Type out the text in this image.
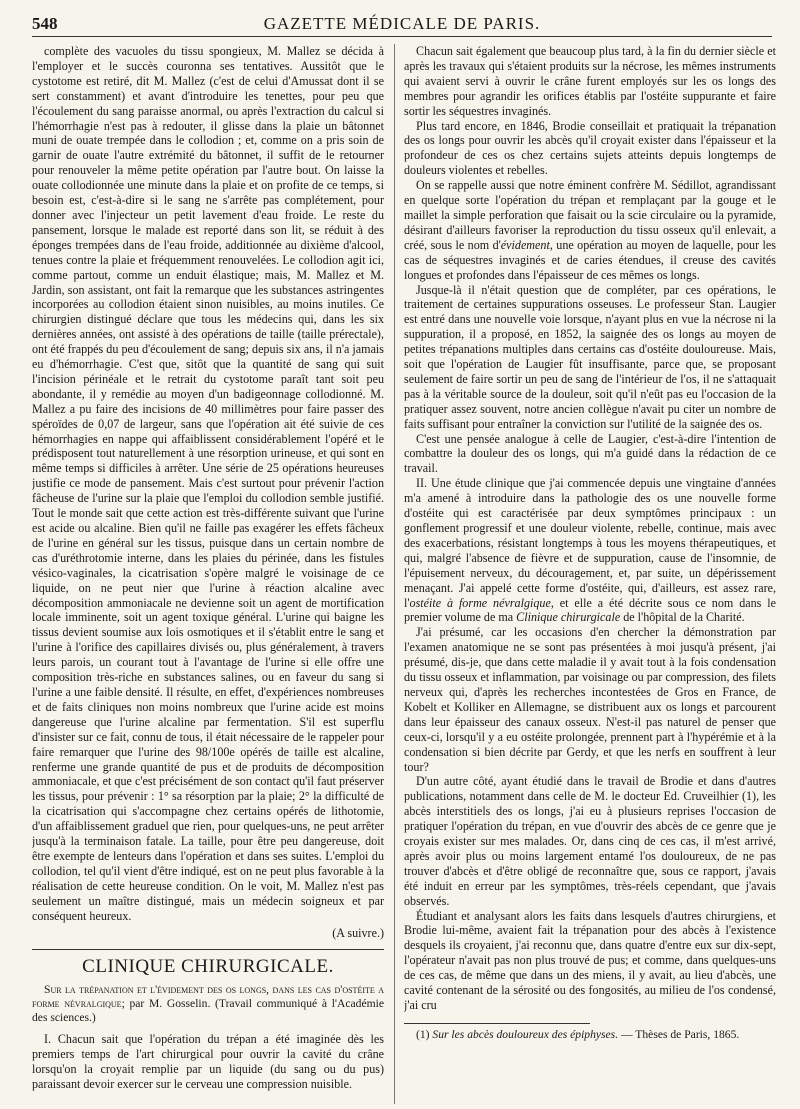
548	GAZETTE MÉDICALE DE PARIS.

complète des vacuoles du tissu spongieux, M. Mallez se décida à l'employer et le succès couronna ses tentatives. Aussitôt que le cystotome est retiré, dit M. Mallez (c'est de celui d'Amussat dont il se sert constamment) et avant d'introduire les tenettes, pour peu que l'écoulement du sang paraisse anormal, ou après l'extraction du calcul si l'hémorrhagie n'est pas à redouter, il glisse dans la plaie un bâtonnet muni de ouate trempée dans le collodion ; et, comme on a pris soin de garnir de ouate l'autre extrémité du bâtonnet, il suffit de le retourner pour renouveler la même petite opération par l'autre bout. On laisse la ouate collodionnée une minute dans la plaie et on profite de ce temps, si besoin est, c'est-à-dire si le sang ne s'arrête pas complétement, pour donner avec l'injecteur un petit lavement d'eau froide. Le reste du pansement, lorsque le malade est reporté dans son lit, se réduit à des éponges trempées dans de l'eau froide, additionnée au dixième d'alcool, tenues contre la plaie et fréquemment renouvelées. Le collodion agit ici, comme partout, comme un enduit élastique; mais, M. Mallez et M. Jardin, son assistant, ont fait la remarque que les substances astringentes incorporées au collodion étaient sinon nuisibles, au moins inutiles. Ce chirurgien distingué déclare que tous les médecins qui, dans les six dernières années, ont assisté à des opérations de taille (taille prérectale), ont été frappés du peu d'écoulement de sang; depuis six ans, il n'a jamais eu d'hémorrhagie. C'est que, sitôt que la quantité de sang qui suit l'incision périnéale et le retrait du cystotome paraît tant soit peu abondante, il y remédie au moyen d'un badigeonnage collodionné. M. Mallez a pu faire des incisions de 40 millimètres pour faire passer des spéroïdes de 0,07 de largeur, sans que l'opération ait été suivie de ces hémorrhagies en nappe qui affaiblissent considérablement l'opéré et le prédisposent tout naturellement à une résorption urineuse, et qui sont en même temps si difficiles à arrêter. Une série de 25 opérations heureuses justifie ce mode de pansement. Mais c'est surtout pour prévenir l'action fâcheuse de l'urine sur la plaie que l'emploi du collodion semble justifié. Tout le monde sait que cette action est très-différente suivant que l'urine est acide ou alcaline. Bien qu'il ne faille pas exagérer les effets fâcheux de l'urine en général sur les tissus, puisque dans un certain nombre de cas d'uréthrotomie interne, dans les plaies du périnée, dans les fistules vésico-vaginales, la cicatrisation s'opère malgré le voisinage de ce liquide, on ne peut nier que l'urine à réaction alcaline avec décomposition ammoniacale ne devienne soit un agent de mortification locale imminente, soit un agent toxique général. L'urine qui baigne les tissus devient soumise aux lois osmotiques et il s'établit entre le sang et l'urine à l'orifice des capillaires divisés ou, plus généralement, à travers leurs parois, un courant tout à l'avantage de l'urine si elle offre une composition très-riche en substances salines, ou en faveur du sang si l'urine a une faible densité. Il résulte, en effet, d'expériences nombreuses et de faits cliniques non moins nombreux que l'urine acide est moins dangereuse que l'urine alcaline par fermentation. S'il est superflu d'insister sur ce fait, connu de tous, il était nécessaire de le rappeler pour faire remarquer que l'urine des 98/100e opérés de taille est alcaline, renferme une grande quantité de pus et de produits de décomposition ammoniacale, et que c'est précisément de son contact qu'il faut préserver les tissus, pour prévenir : 1° sa résorption par la plaie; 2° la difficulté de la cicatrisation qui s'accompagne chez certains opérés de lithotomie, d'un affaiblissement graduel que rien, pour quelques-uns, ne peut arrêter jusqu'à la terminaison fatale. La taille, pour être peu dangereuse, doit être exempte de lenteurs dans l'opération et dans ses suites. L'emploi du collodion, tel qu'il vient d'être indiqué, est on ne peut plus favorable à la réalisation de cette heureuse condition. On le voit, M. Mallez n'est pas seulement un maître distingué, mais un médecin soigneux et par conséquent heureux.

(A suivre.)
CLINIQUE CHIRURGICALE.

Sur la trépanation et l'évidement des os longs, dans les cas d'ostéite a forme névralgique; par M. Gosselin. (Travail communiqué à l'Académie des sciences.)

I. Chacun sait que l'opération du trépan a été imaginée dès les premiers temps de l'art chirurgical pour ouvrir la cavité du crâne lorsqu'on la croyait remplie par un liquide (du sang ou du pus) paraissant devoir exercer sur le cerveau une compression nuisible.

Chacun sait également que beaucoup plus tard, à la fin du dernier siècle et après les travaux qui s'étaient produits sur la nécrose, les mêmes instruments qui avaient servi à ouvrir le crâne furent employés sur les os longs des membres pour agrandir les orifices établis par l'ostéite suppurante et faire sortir les séquestres invaginés.

Plus tard encore, en 1846, Brodie conseillait et pratiquait la trépanation des os longs pour ouvrir les abcès qu'il croyait exister dans l'épaisseur et la profondeur de ces os chez certains sujets atteints depuis longtemps de douleurs violentes et rebelles.

On se rappelle aussi que notre éminent confrère M. Sédillot, agrandissant en quelque sorte l'opération du trépan et remplaçant par la gouge et le maillet la simple perforation que faisait ou la scie circulaire ou la pyramide, désirant d'ailleurs favoriser la reproduction du tissu osseux qu'il enlevait, a créé, sous le nom d'évidement, une opération au moyen de laquelle, pour les cas de séquestres invaginés et de caries étendues, il creuse des cavités longues et profondes dans l'épaisseur de ces mêmes os longs.

Jusque-là il n'était question que de compléter, par ces opérations, le traitement de certaines suppurations osseuses. Le professeur Stan. Laugier est entré dans une nouvelle voie lorsque, n'ayant plus en vue la nécrose ni la suppuration, il a proposé, en 1852, la saignée des os longs au moyen de petites trépanations multiples dans certains cas d'ostéite douloureuse. Mais, soit que l'opération de Laugier fût insuffisante, parce que, se proposant seulement de faire sortir un peu de sang de l'intérieur de l'os, il ne s'attaquait pas à la véritable source de la douleur, soit qu'il n'eût pas eu l'occasion de la pratiquer assez souvent, notre ancien collègue n'avait pu citer un nombre de faits suffisant pour entraîner la conviction sur l'utilité de la saignée des os.

C'est une pensée analogue à celle de Laugier, c'est-à-dire l'intention de combattre la douleur des os longs, qui m'a guidé dans la rédaction de ce travail.

II. Une étude clinique que j'ai commencée depuis une vingtaine d'années m'a amené à introduire dans la pathologie des os une nouvelle forme d'ostéite qui est caractérisée par deux symptômes principaux : un gonflement progressif et une douleur violente, rebelle, continue, mais avec des exacerbations, résistant longtemps à tous les moyens thérapeutiques, et qui, malgré l'absence de fièvre et de suppuration, cause de l'insomnie, de l'épuisement nerveux, du découragement, et, par suite, un dépérissement menaçant. J'ai appelé cette forme d'ostéite, qui, d'ailleurs, est assez rare, l'ostéite à forme névralgique, et elle a été décrite sous ce nom dans le premier volume de ma Clinique chirurgicale de l'hôpital de la Charité.

J'ai présumé, car les occasions d'en chercher la démonstration par l'examen anatomique ne se sont pas présentées à moi jusqu'à présent, j'ai présumé, dis-je, que dans cette maladie il y avait tout à la fois condensation du tissu osseux et inflammation, par voisinage ou par compression, des filets nerveux qui, d'après les recherches incontestées de Gros en France, de Kobelt et Kolliker en Allemagne, se distribuent aux os longs et parcourent dans leur épaisseur des canaux osseux. N'est-il pas naturel de penser que ceux-ci, lorsqu'il y a eu ostéite prolongée, prennent part à l'hypérémie et à la condensation si bien décrite par Gerdy, et que les nerfs en souffrent à leur tour?

D'un autre côté, ayant étudié dans le travail de Brodie et dans d'autres publications, notamment dans celle de M. le docteur Ed. Cruveilhier (1), les abcès interstitiels des os longs, j'ai eu à plusieurs reprises l'occasion de pratiquer l'opération du trépan, en vue d'ouvrir des abcès de ce genre que je croyais exister sur mes malades. Or, dans cinq de ces cas, il m'est arrivé, après avoir plus ou moins largement entamé l'os douloureux, de ne pas trouver d'abcès et d'être obligé de reconnaître que, sous ce rapport, j'avais été induit en erreur par les symptômes, très-réels cependant, que j'avais observés.

Étudiant et analysant alors les faits dans lesquels d'autres chirurgiens, et Brodie lui-même, avaient fait la trépanation pour des abcès à l'existence desquels ils croyaient, j'ai reconnu que, dans quatre d'entre eux sur dix-sept, l'opérateur n'avait pas non plus trouvé de pus; et comme, dans quelques-uns de ces cas, de même que dans un des miens, il y avait, au lieu d'abcès, une cavité contenant de la sérosité ou des fongosités, au milieu de l'os condensé, j'ai cru

(1) Sur les abcès douloureux des épiphyses. — Thèses de Paris, 1865.
